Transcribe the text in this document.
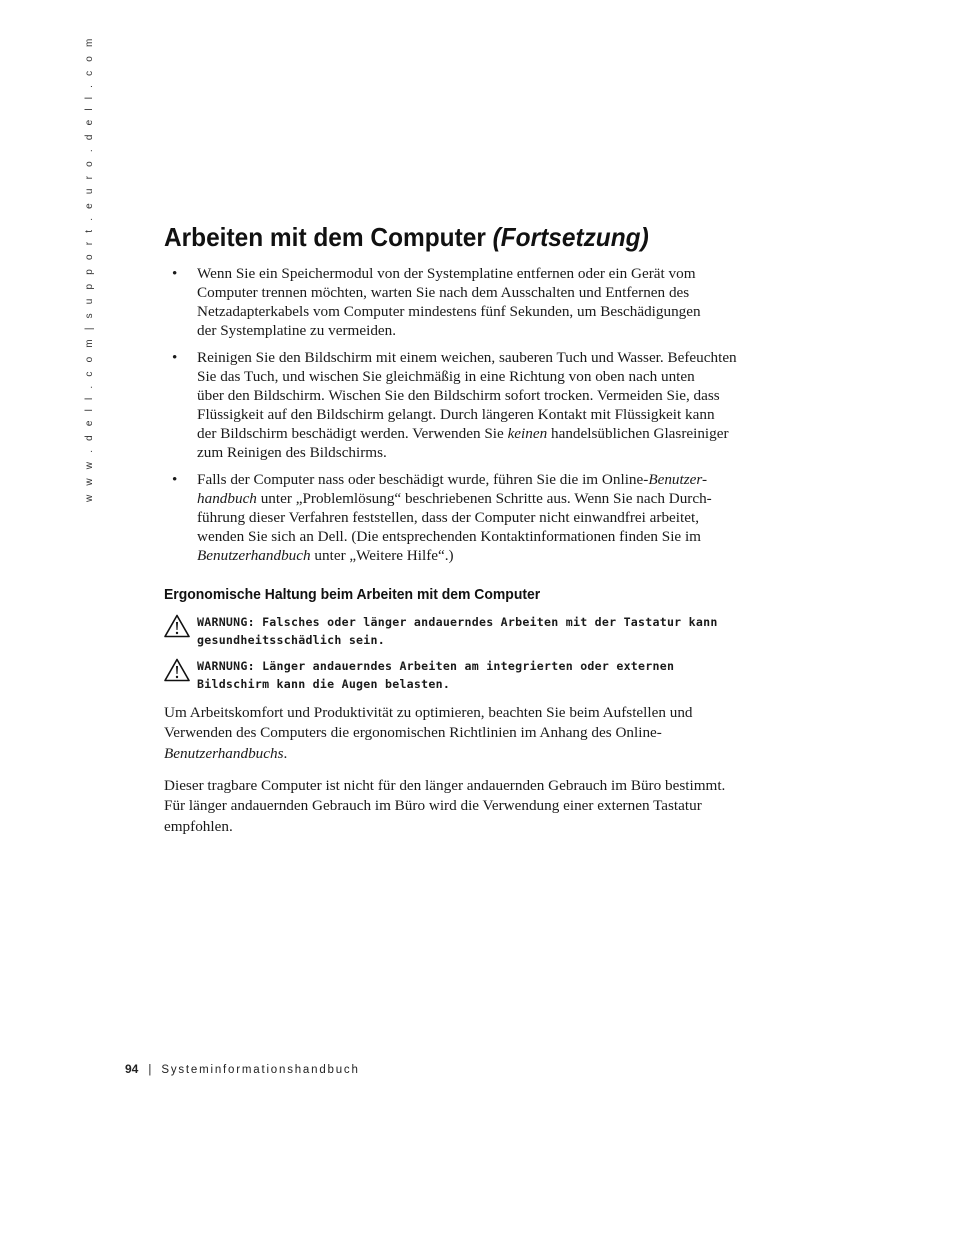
w w w . d e l l . c o m | s u p p o r t . e u r o . d e l l . c o m	Arbeiten mit dem Computer (Fortsetzung)
• Wenn Sie ein Speichermodul von der Systemplatine entfernen oder ein Gerät vom
Computer trennen möchten, warten Sie nach dem Ausschalten und Entfernen des
Netzadapterkabels vom Computer mindestens fünf Sekunden, um Beschädigungen
der Systemplatine zu vermeiden.
• Reinigen Sie den Bildschirm mit einem weichen, sauberen Tuch und Wasser. Befeuchten
Sie das Tuch, und wischen Sie gleichmäßig in eine Richtung von oben nach unten
über den Bildschirm. Wischen Sie den Bildschirm sofort trocken. Vermeiden Sie, dass
Flüssigkeit auf den Bildschirm gelangt. Durch längeren Kontakt mit Flüssigkeit kann
der Bildschirm beschädigt werden. Verwenden Sie keinen handelsüblichen Glasreiniger
zum Reinigen des Bildschirms.
• Falls der Computer nass oder beschädigt wurde, führen Sie die im Online-Benutzer-
handbuch unter „Problemlösung“ beschriebenen Schritte aus. Wenn Sie nach Durch-
führung dieser Verfahren feststellen, dass der Computer nicht einwandfrei arbeitet,
wenden Sie sich an Dell. (Die entsprechenden Kontaktinformationen finden Sie im
Benutzerhandbuch unter „Weitere Hilfe“.)
Ergonomische Haltung beim Arbeiten mit dem Computer
WARNUNG: Falsches oder länger andauerndes Arbeiten mit der Tastatur kann
gesundheitsschädlich sein.
WARNUNG: Länger andauerndes Arbeiten am integrierten oder externen
Bildschirm kann die Augen belasten.

Um Arbeitskomfort und Produktivität zu optimieren, beachten Sie beim Aufstellen und
Verwenden des Computers die ergonomischen Richtlinien im Anhang des Online-
Benutzerhandbuchs.

Dieser tragbare Computer ist nicht für den länger andauernden Gebrauch im Büro bestimmt.
Für länger andauernden Gebrauch im Büro wird die Verwendung einer externen Tastatur
empfohlen.

94 | Systeminformationshandbuch
